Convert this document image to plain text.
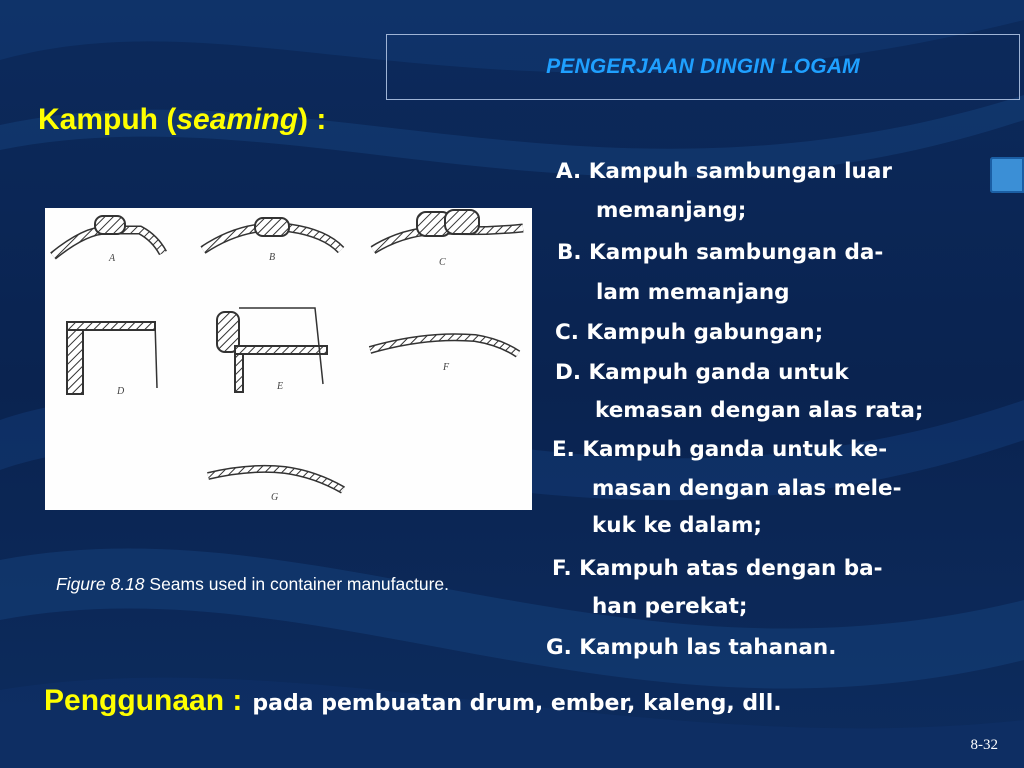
PENGERJAAN DINGIN LOGAM
Kampuh (seaming) :
A	B	C
D	E
F
G
Figure 8.18 Seams used in container manufacture.
A. Kampuh sambungan luar
memanjang;
B. Kampuh sambungan da-
lam memanjang
C. Kampuh gabungan;
D. Kampuh ganda untuk
kemasan dengan alas rata;
E. Kampuh ganda untuk ke-
masan dengan alas mele-
kuk ke dalam;
F. Kampuh atas dengan ba-
han perekat;
G. Kampuh las tahanan.
Penggunaan : pada pembuatan drum, ember, kaleng, dll.
8-32
